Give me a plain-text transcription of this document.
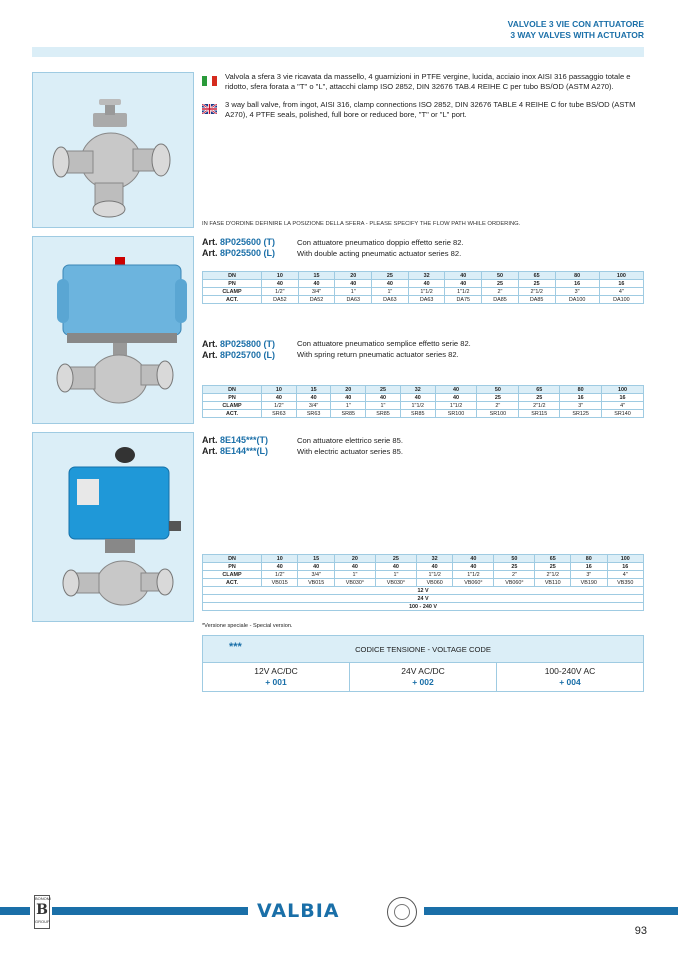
VALVOLE 3 VIE CON ATTUATORE
3 WAY VALVES WITH ACTUATOR
Valvola a sfera 3 vie ricavata da massello, 4 guarnizioni in PTFE vergine, lucida, acciaio inox AISI 316 passaggio totale e ridotto, sfera forata a "T" o "L", attacchi clamp ISO 2852, DIN 32676 TAB.4 REIHE C per tubo BS/OD (ASTM A270).
3 way ball valve, from ingot, AISI 316, clamp connections ISO 2852, DIN 32676 TABLE 4 REIHE C for tube BS/OD (ASTM A270), 4 PTFE seals, polished, full bore or reduced bore, "T" or "L" port.
IN FASE D'ORDINE DEFINIRE LA POSIZIONE DELLA SFERA - PLEASE SPECIFY THE FLOW PATH WHILE ORDERING.
Art. 8P025600 (T)
Art. 8P025500 (L)
Con attuatore pneumatico doppio effetto serie 82.
With double acting pneumatic actuator series 82.
DN	10	15	20	25	32	40	50	65	80	100
PN	40	40	40	40	40	40	25	25	16	16
CLAMP	1/2"	3/4"	1"	1"	1"1/2	1"1/2	2"	2"1/2	3"	4"
ACT.	DA52	DA52	DA63	DA63	DA63	DA75	DA85	DA85	DA100	DA100
Art. 8P025800 (T)
Art. 8P025700 (L)
Con attuatore pneumatico semplice effetto serie 82.
With spring return pneumatic actuator series 82.
DN	10	15	20	25	32	40	50	65	80	100
PN	40	40	40	40	40	40	25	25	16	16
CLAMP	1/2"	3/4"	1"	1"	1"1/2	1"1/2	2"	2"1/2	3"	4"
ACT.	SR63	SR63	SR85	SR85	SR85	SR100	SR100	SR115	SR125	SR140
Art. 8E145***(T)
Art. 8E144***(L)
Con attuatore elettrico serie 85.
With electric actuator series 85.
DN	10	15	20	25	32	40	50	65	80	100
PN	40	40	40	40	40	40	25	25	16	16
CLAMP	1/2"	3/4"	1"	1"	1"1/2	1"1/2	2"	2"1/2	3"	4"
ACT.	VB015	VB015	VB030°	VB030°	VB060	VB060°	VB060°	VB110	VB190	VB350
12 V										
24 V										
100 - 240 V										
*Versione speciale - Special version.
***	CODICE TENSIONE - VOLTAGE CODE
12V AC/DC
+ 001
24V AC/DC
+ 002
100-240V AC
+ 004
BONOMI
B
GROUP	VALBIA
93
